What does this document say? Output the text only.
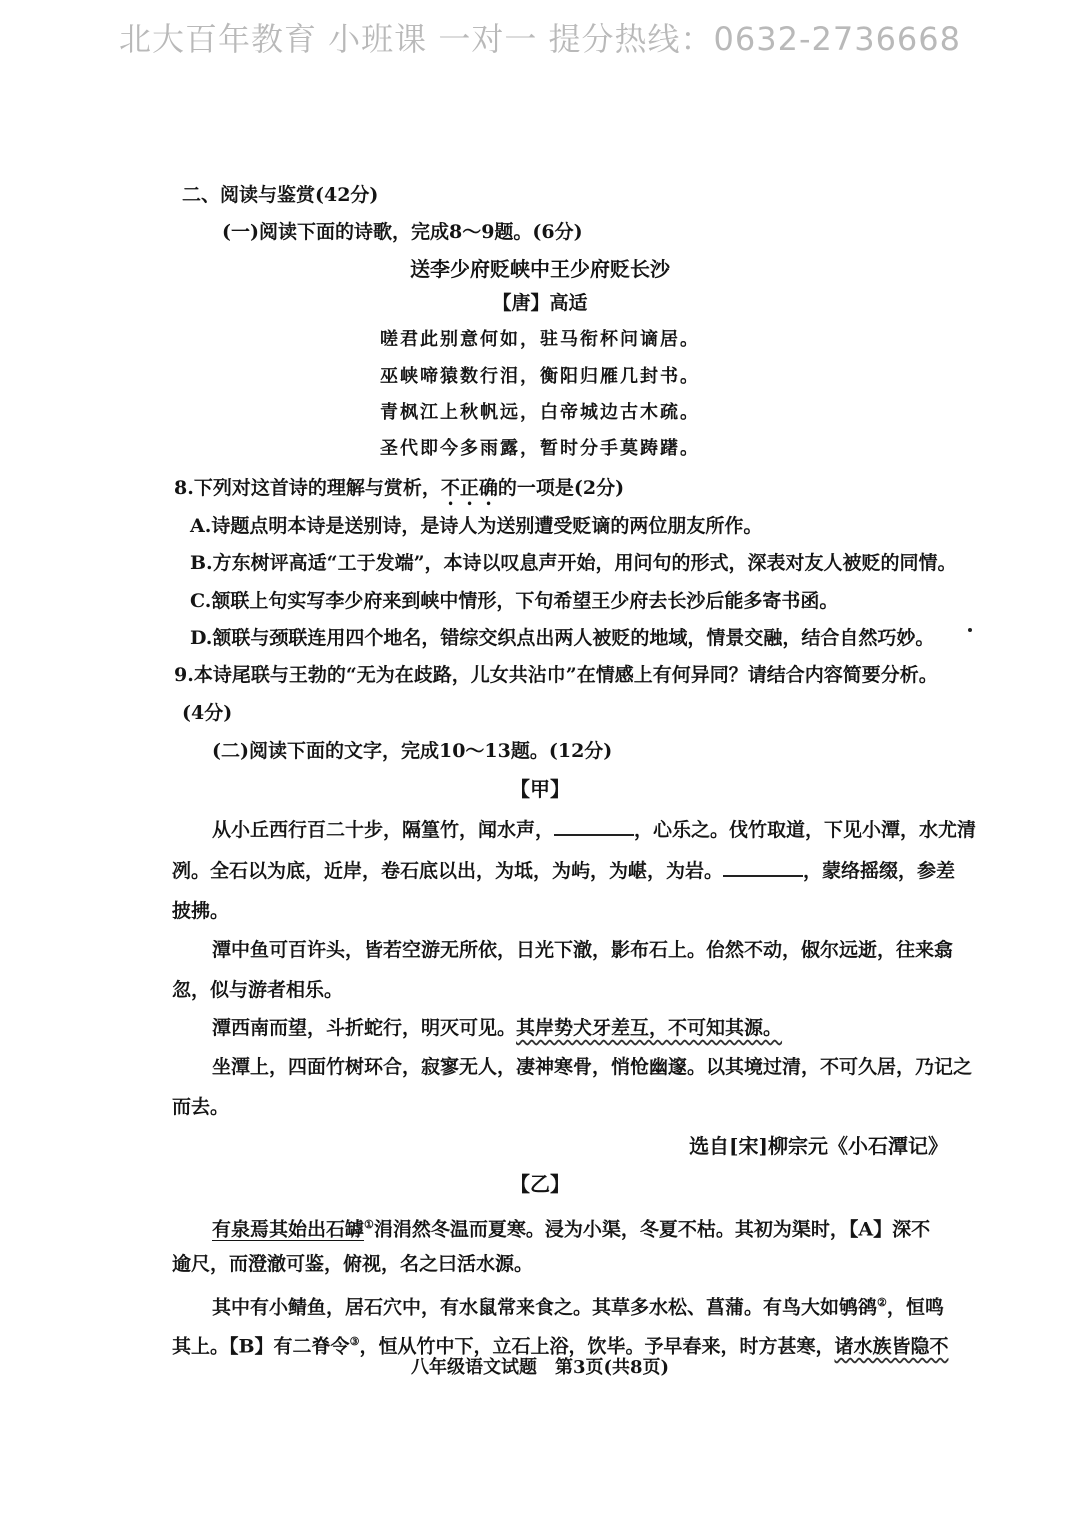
北大百年教育 小班课 一对一 提分热线：0632-2736668
二、阅读与鉴赏(42分)
(一)阅读下面的诗歌，完成8～9题。(6分)
送李少府贬峡中王少府贬长沙
【唐】高适
嗟君此别意何如，驻马衔杯问谪居。
巫峡啼猿数行泪，衡阳归雁几封书。
青枫江上秋帆远，白帝城边古木疏。
圣代即今多雨露，暂时分手莫踌躇。
8.下列对这首诗的理解与赏析，不正确的一项是(2分)
A.诗题点明本诗是送别诗，是诗人为送别遭受贬谪的两位朋友所作。
B.方东树评高适“工于发端”，本诗以叹息声开始，用问句的形式，深表对友人被贬的同情。
C.颔联上句实写李少府来到峡中情形，下句希望王少府去长沙后能多寄书函。
D.颔联与颈联连用四个地名，错综交织点出两人被贬的地域，情景交融，结合自然巧妙。
9.本诗尾联与王勃的“无为在歧路，儿女共沾巾”在情感上有何异同？请结合内容简要分析。
(4分)
(二)阅读下面的文字，完成10～13题。(12分)
【甲】
从小丘西行百二十步，隔篁竹，闻水声，	，心乐之。伐竹取道，下见小潭，水尤清
冽。全石以为底，近岸，卷石底以出，为坻，为屿，为嵁，为岩。	，蒙络摇缀，参差
披拂。
潭中鱼可百许头，皆若空游无所依，日光下澈，影布石上。佁然不动，俶尔远逝，往来翕
忽，似与游者相乐。
潭西南而望，斗折蛇行，明灭可见。其岸势犬牙差互，不可知其源。
坐潭上，四面竹树环合，寂寥无人，凄神寒骨，悄怆幽邃。以其境过清，不可久居，乃记之
而去。
选自[宋]柳宗元《小石潭记》
【乙】
有泉焉其始出石罅①涓涓然冬温而夏寒。浸为小渠，冬夏不枯。其初为渠时，【A】深不
逾尺，而澄澈可鉴，俯视，名之曰活水源。
其中有小鲭鱼，居石穴中，有水鼠常来食之。其草多水松、菖蒲。有鸟大如鸲鹆②，恒鸣
其上。【B】有二脊令③，恒从竹中下，立石上浴，饮毕。予早春来，时方甚寒，诸水族皆隐不
八年级语文试题　第3页(共8页)
